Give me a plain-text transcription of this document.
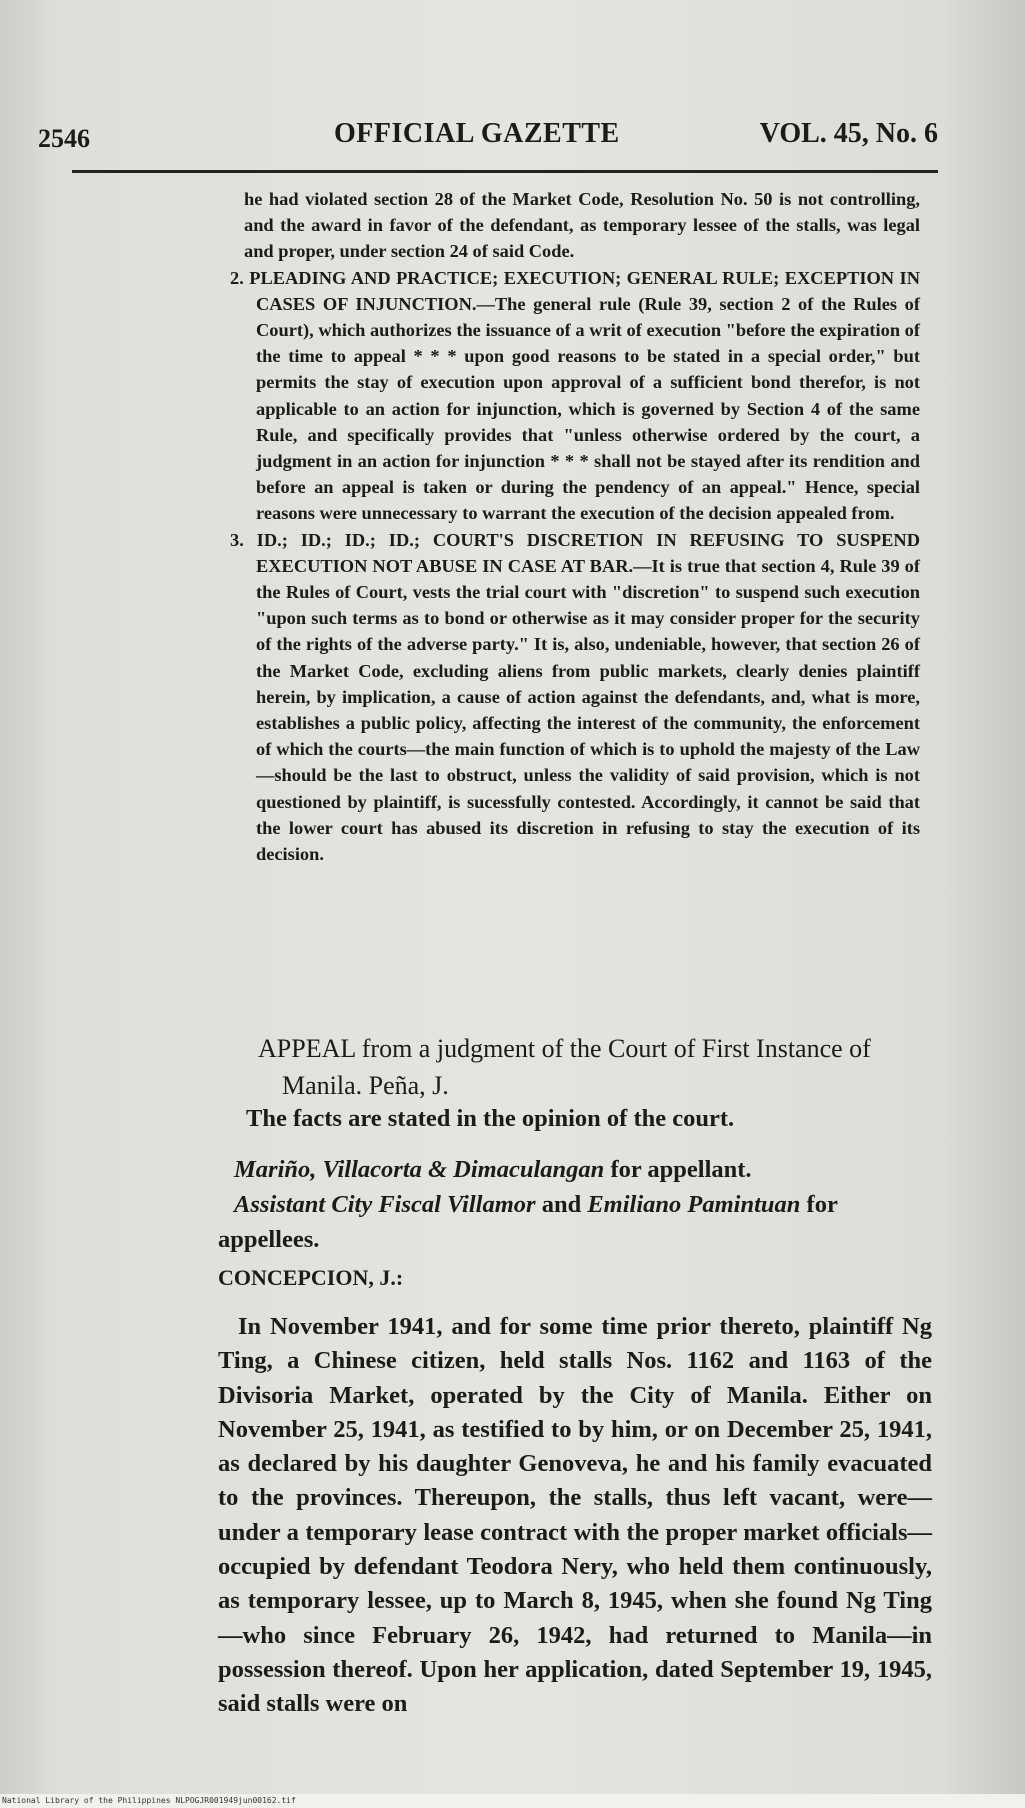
2546	OFFICIAL GAZETTE	VOL. 45, No. 6

he had violated section 28 of the Market Code, Resolution No. 50 is not controlling, and the award in favor of the defendant, as temporary lessee of the stalls, was legal and proper, under section 24 of said Code.

2. PLEADING AND PRACTICE; EXECUTION; GENERAL RULE; EXCEPTION IN CASES OF INJUNCTION.—The general rule (Rule 39, section 2 of the Rules of Court), which authorizes the issuance of a writ of execution "before the expiration of the time to appeal * * * upon good reasons to be stated in a special order," but permits the stay of execution upon approval of a sufficient bond therefor, is not applicable to an action for injunction, which is governed by Section 4 of the same Rule, and specifically provides that "unless otherwise ordered by the court, a judgment in an action for injunction * * * shall not be stayed after its rendition and before an appeal is taken or during the pendency of an appeal." Hence, special reasons were unnecessary to warrant the execution of the decision appealed from.

3. ID.; ID.; ID.; ID.; COURT'S DISCRETION IN REFUSING TO SUSPEND EXECUTION NOT ABUSE IN CASE AT BAR.—It is true that section 4, Rule 39 of the Rules of Court, vests the trial court with "discretion" to suspend such execution "upon such terms as to bond or otherwise as it may consider proper for the security of the rights of the adverse party." It is, also, undeniable, however, that section 26 of the Market Code, excluding aliens from public markets, clearly denies plaintiff herein, by implication, a cause of action against the defendants, and, what is more, establishes a public policy, affecting the interest of the community, the enforcement of which the courts—the main function of which is to uphold the majesty of the Law—should be the last to obstruct, unless the validity of said provision, which is not questioned by plaintiff, is sucessfully contested. Accordingly, it cannot be said that the lower court has abused its discretion in refusing to stay the execution of its decision.

APPEAL from a judgment of the Court of First Instance of Manila. Peña, J.
The facts are stated in the opinion of the court.

Mariño, Villacorta & Dimaculangan for appellant.

Assistant City Fiscal Villamor and Emiliano Pamintuan for appellees.

CONCEPCION, J.:
In November 1941, and for some time prior thereto, plaintiff Ng Ting, a Chinese citizen, held stalls Nos. 1162 and 1163 of the Divisoria Market, operated by the City of Manila. Either on November 25, 1941, as testified to by him, or on December 25, 1941, as declared by his daughter Genoveva, he and his family evacuated to the provinces. Thereupon, the stalls, thus left vacant, were—under a temporary lease contract with the proper market officials—occupied by defendant Teodora Nery, who held them continuously, as temporary lessee, up to March 8, 1945, when she found Ng Ting—who since February 26, 1942, had returned to Manila—in possession thereof. Upon her application, dated September 19, 1945, said stalls were on
National Library of the Philippines NLPOGJR001949jun00162.tif
